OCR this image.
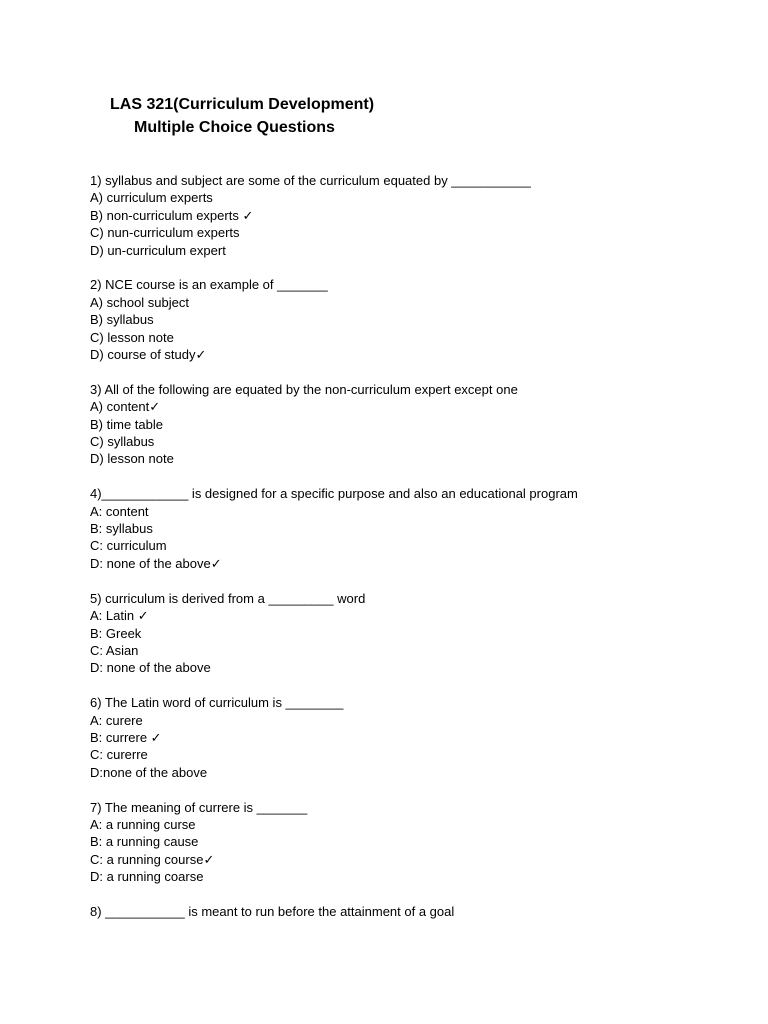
LAS 321(Curriculum Development)
Multiple Choice Questions
1) syllabus and subject are some of the curriculum equated by ___________
A) curriculum experts
B) non-curriculum experts ✓
C) nun-curriculum experts
D) un-curriculum expert
2) NCE course is an example of _______
A) school subject
B) syllabus
C) lesson note
D) course of study✓
3) All of the following are equated by the non-curriculum expert except one
A) content✓
B) time table
C) syllabus
D) lesson note
4)____________ is designed for a specific purpose and also an educational program
A: content
B: syllabus
C: curriculum
D: none of the above✓
5) curriculum is derived from a _________ word
A: Latin ✓
B: Greek
C: Asian
D: none of the above
6) The Latin word of curriculum is ________
A: curere
B: currere ✓
C: curerre
D:none of the above
7) The meaning of currere is _______
A: a running curse
B: a running cause
C: a running course✓
D: a running coarse
8) ___________ is meant to run before the attainment of a goal
